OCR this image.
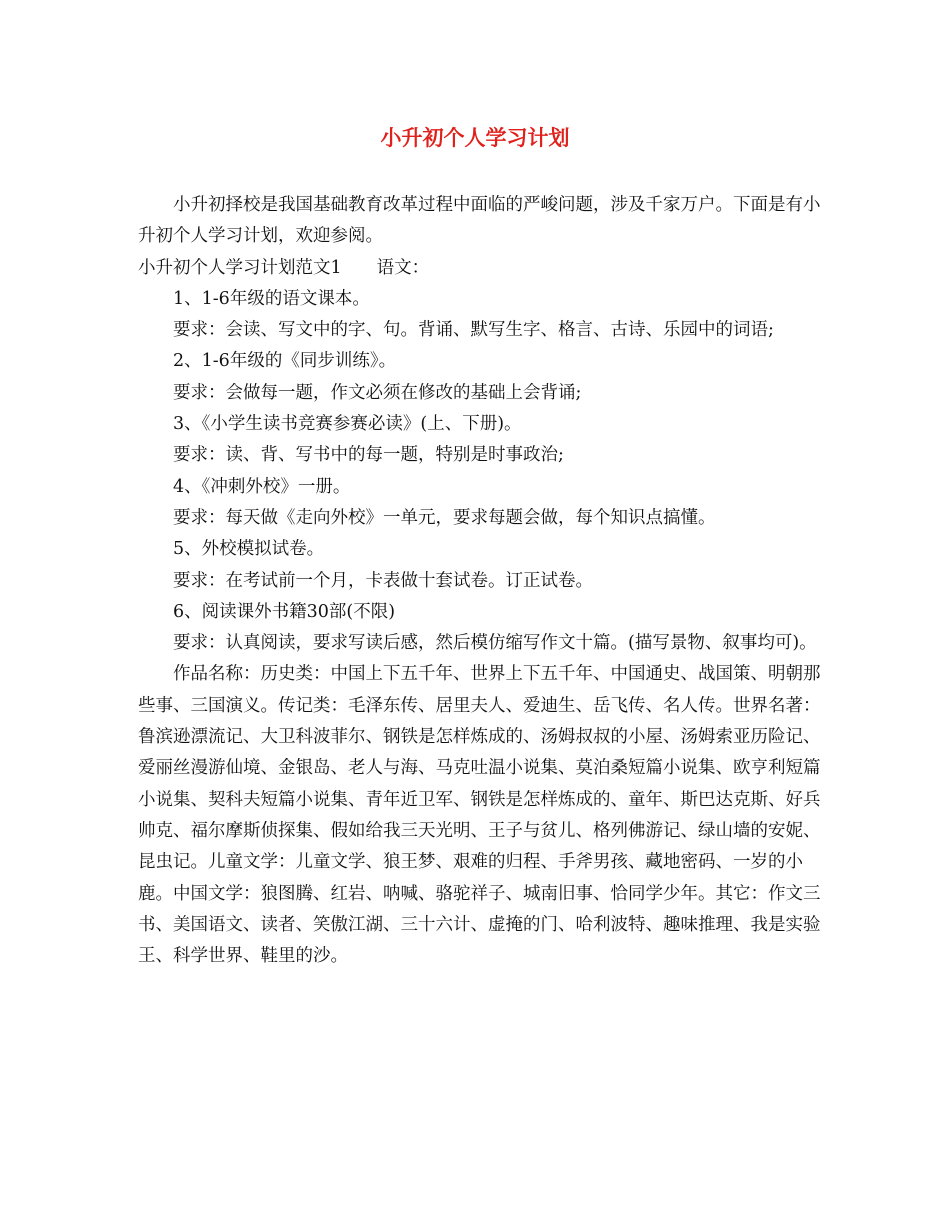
小升初个人学习计划

小升初择校是我国基础教育改革过程中面临的严峻问题，涉及千家万户。下面是有小升初个人学习计划，欢迎参阅。

小升初个人学习计划范文1　　语文：

1、1-6年级的语文课本。

要求：会读、写文中的字、句。背诵、默写生字、格言、古诗、乐园中的词语;

2、1-6年级的《同步训练》。

要求：会做每一题，作文必须在修改的基础上会背诵;

3、《小学生读书竞赛参赛必读》(上、下册)。

要求：读、背、写书中的每一题，特别是时事政治;

4、《冲刺外校》一册。

要求：每天做《走向外校》一单元，要求每题会做，每个知识点搞懂。

5、外校模拟试卷。

要求：在考试前一个月，卡表做十套试卷。订正试卷。

6、阅读课外书籍30部(不限)

要求：认真阅读，要求写读后感，然后模仿缩写作文十篇。(描写景物、叙事均可)。

作品名称：历史类：中国上下五千年、世界上下五千年、中国通史、战国策、明朝那些事、三国演义。传记类：毛泽东传、居里夫人、爱迪生、岳飞传、名人传。世界名著：鲁滨逊漂流记、大卫科波菲尔、钢铁是怎样炼成的、汤姆叔叔的小屋、汤姆索亚历险记、爱丽丝漫游仙境、金银岛、老人与海、马克吐温小说集、莫泊桑短篇小说集、欧亨利短篇小说集、契科夫短篇小说集、青年近卫军、钢铁是怎样炼成的、童年、斯巴达克斯、好兵帅克、福尔摩斯侦探集、假如给我三天光明、王子与贫儿、格列佛游记、绿山墙的安妮、昆虫记。儿童文学：儿童文学、狼王梦、艰难的归程、手斧男孩、藏地密码、一岁的小鹿。中国文学：狼图腾、红岩、呐喊、骆驼祥子、城南旧事、恰同学少年。其它：作文三书、美国语文、读者、笑傲江湖、三十六计、虚掩的门、哈利波特、趣味推理、我是实验王、科学世界、鞋里的沙。
